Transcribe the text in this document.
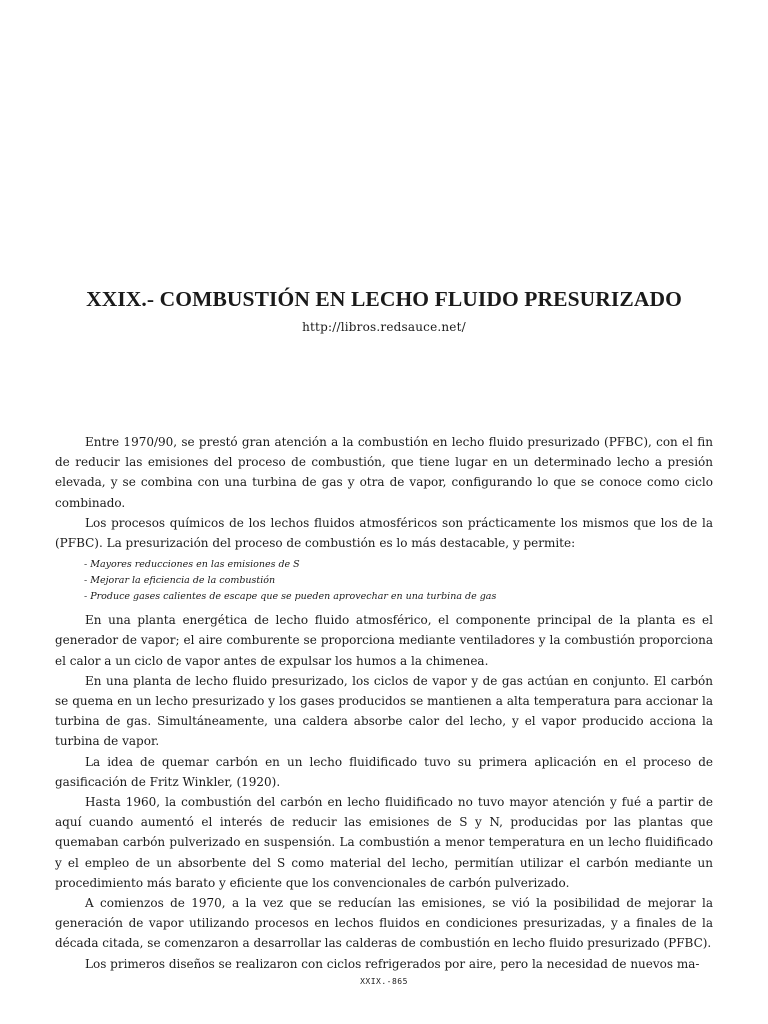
XXIX.- COMBUSTIÓN EN LECHO FLUIDO PRESURIZADO
http://libros.redsauce.net/

Entre 1970/90, se prestó gran atención a la combustión en lecho fluido presurizado (PFBC), con el fin de reducir las emisiones del proceso de combustión, que tiene lugar en un determinado lecho a presión elevada, y se combina con una turbina de gas y otra de vapor, configurando lo que se conoce como ciclo combinado.

Los procesos químicos de los lechos fluidos atmosféricos son prácticamente los mismos que los de la (PFBC). La presurización del proceso de combustión es lo más destacable, y permite:

- Mayores reducciones en las emisiones de S
- Mejorar la eficiencia de la combustión
- Produce gases calientes de escape que se pueden aprovechar en una turbina de gas

En una planta energética de lecho fluido atmosférico, el componente principal de la planta es el generador de vapor; el aire comburente se proporciona mediante ventiladores y la combustión proporciona el calor a un ciclo de vapor antes de expulsar los humos a la chimenea.

En una planta de lecho fluido presurizado, los ciclos de vapor y de gas actúan en conjunto. El carbón se quema en un lecho presurizado y los gases producidos se mantienen a alta temperatura para accionar la turbina de gas. Simultáneamente, una caldera absorbe calor del lecho, y el vapor producido acciona la turbina de vapor.

La idea de quemar carbón en un lecho fluidificado tuvo su primera aplicación en el proceso de gasificación de Fritz Winkler, (1920).

Hasta 1960, la combustión del carbón en lecho fluidificado no tuvo mayor atención y fué a partir de aquí cuando aumentó el interés de reducir las emisiones de S y N, producidas por las plantas que quemaban carbón pulverizado en suspensión. La combustión a menor temperatura en un lecho fluidificado y el empleo de un absorbente del S como material del lecho, permitían utilizar el carbón mediante un procedimiento más barato y eficiente que los convencionales de carbón pulverizado.

A comienzos de 1970, a la vez que se reducían las emisiones, se vió la posibilidad de mejorar la generación de vapor utilizando procesos en lechos fluidos en condiciones presurizadas, y a finales de la década citada, se comenzaron a desarrollar las calderas de combustión en lecho fluido presurizado (PFBC).

Los primeros diseños se realizaron con ciclos refrigerados por aire, pero la necesidad de nuevos ma-

XXIX.-865
